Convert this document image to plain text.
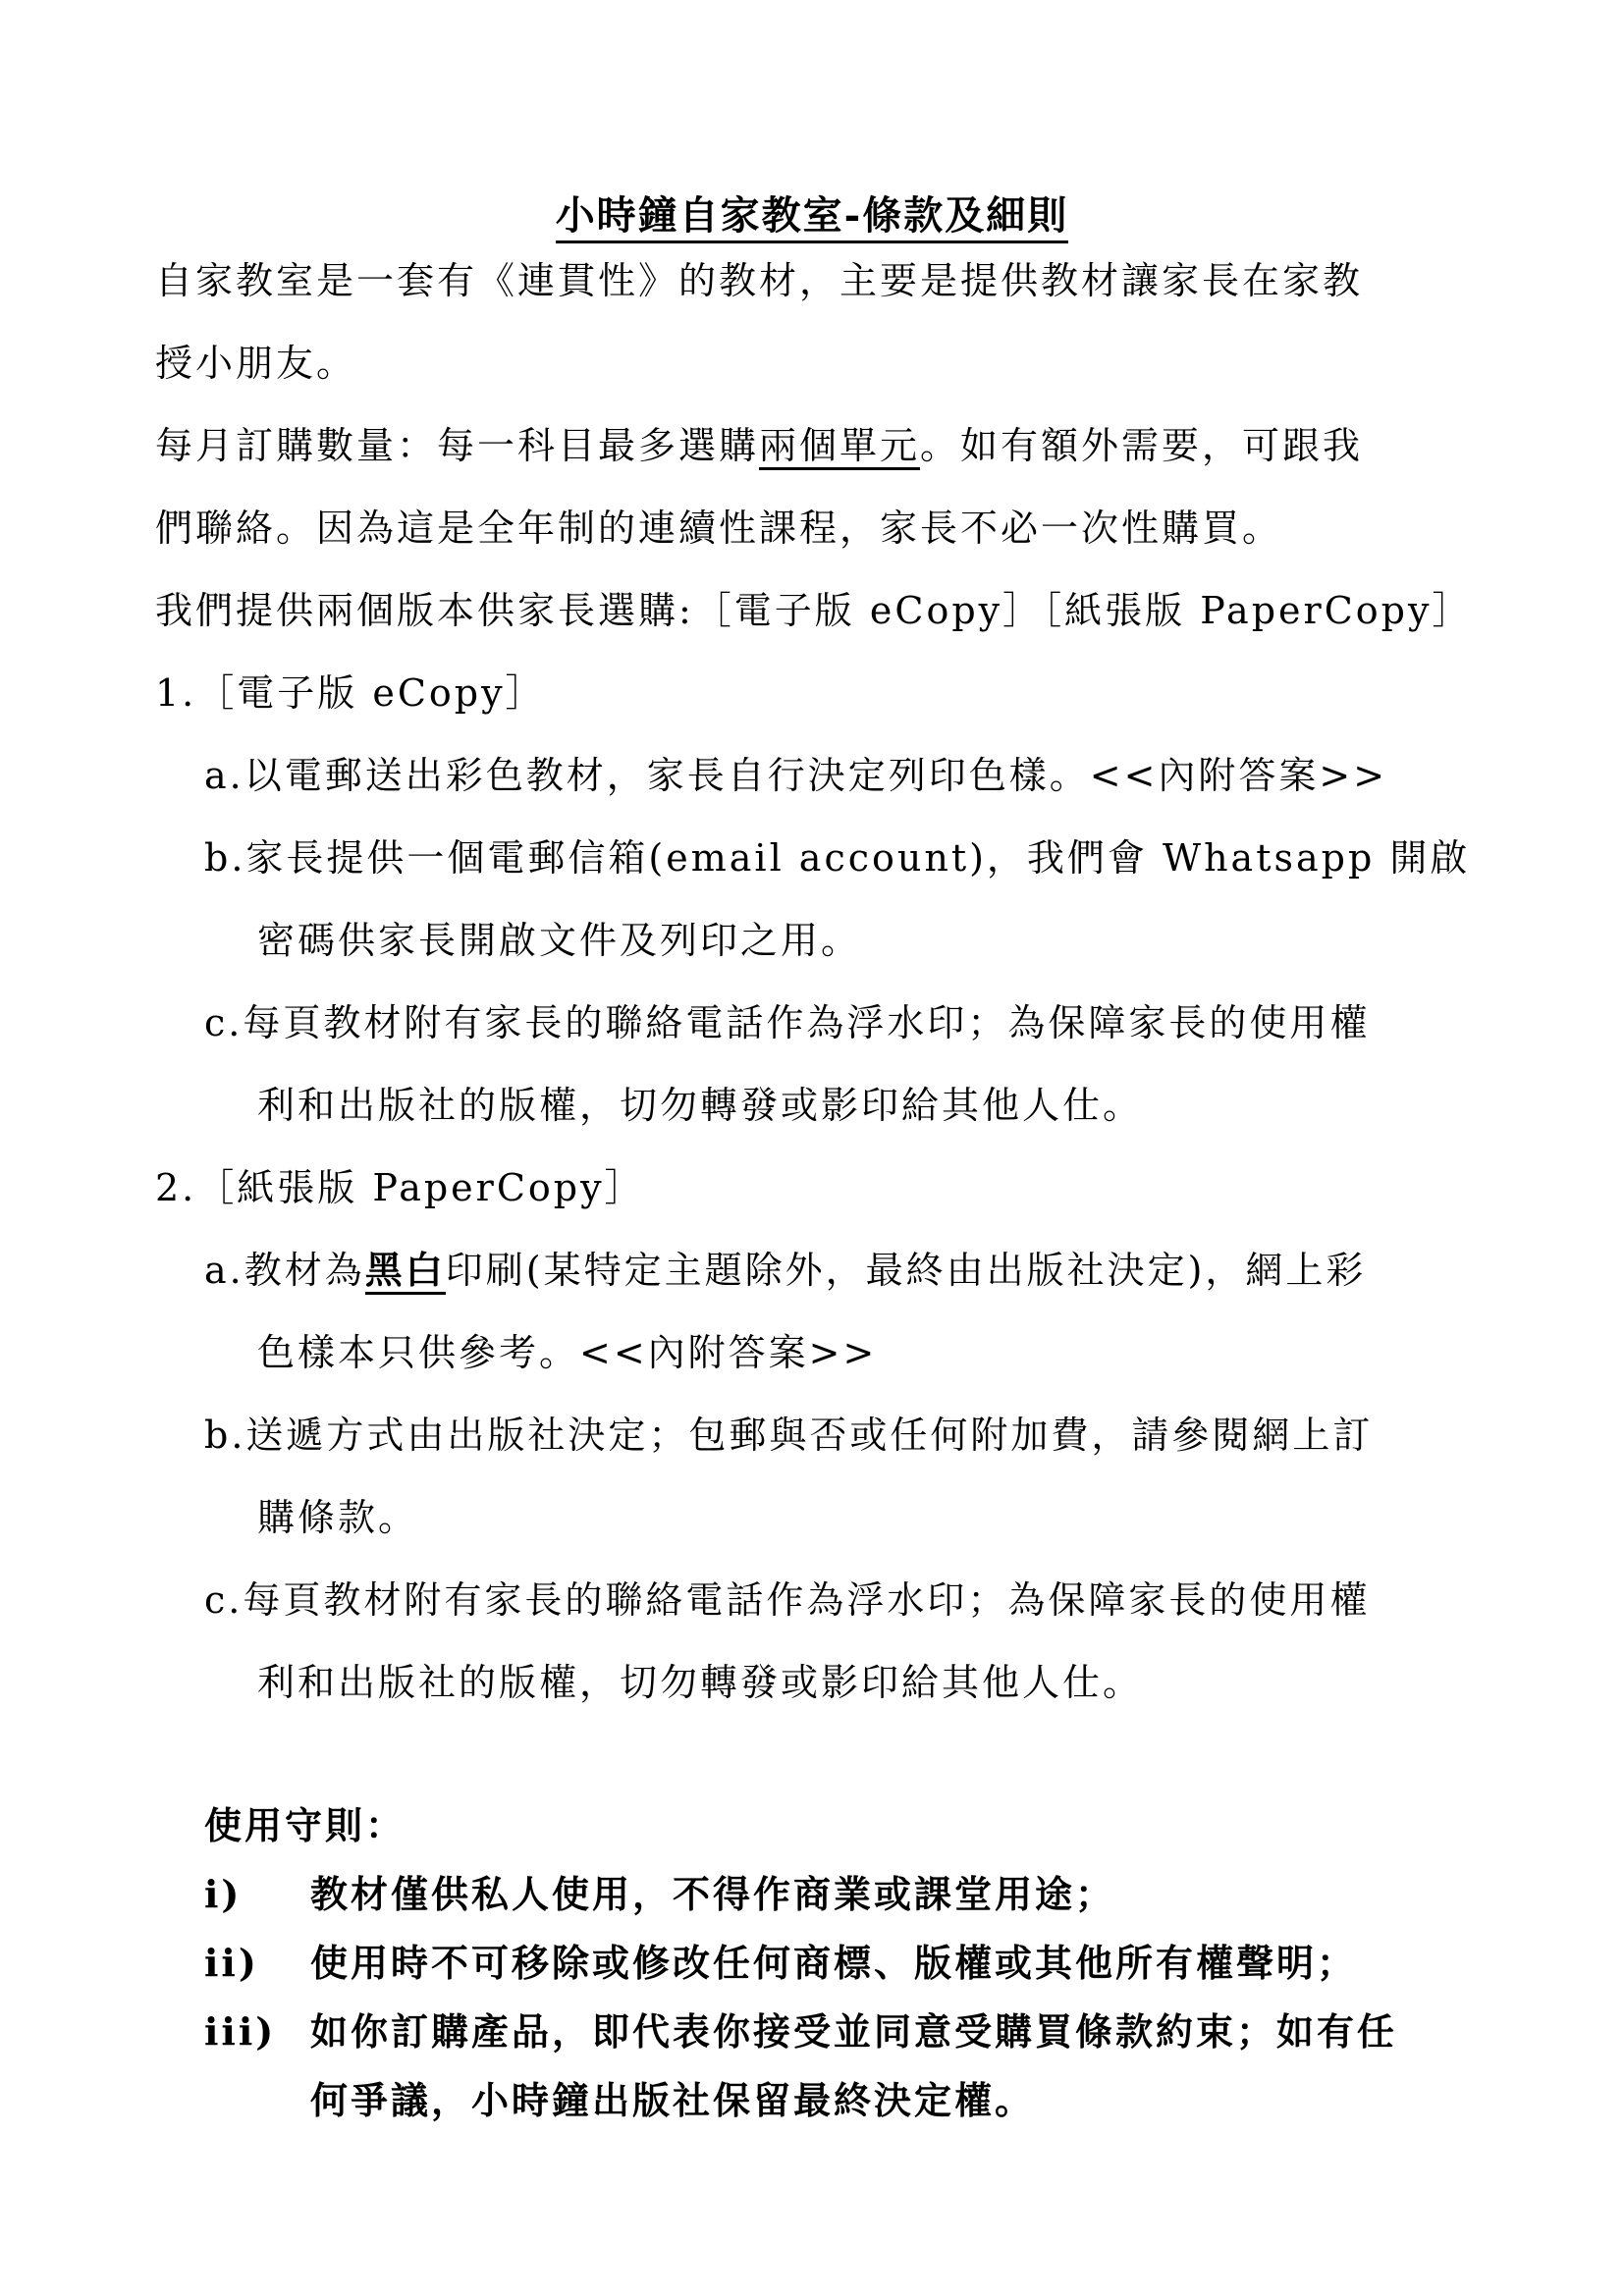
小時鐘自家教室-條款及細則
自家教室是一套有《連貫性》的教材，主要是提供教材讓家長在家教
授小朋友。
每月訂購數量：每一科目最多選購兩個單元。如有額外需要，可跟我
們聯絡。因為這是全年制的連續性課程，家長不必一次性購買。
我們提供兩個版本供家長選購:［電子版 eCopy］［紙張版 PaperCopy］
1.［電子版 eCopy］
a.以電郵送出彩色教材，家長自行決定列印色樣。<<內附答案>>
b.家長提供一個電郵信箱(email account)，我們會 Whatsapp 開啟
密碼供家長開啟文件及列印之用。
c.每頁教材附有家長的聯絡電話作為浮水印；為保障家長的使用權
利和出版社的版權，切勿轉發或影印給其他人仕。
2.［紙張版 PaperCopy］
a.教材為黑白印刷(某特定主題除外，最終由出版社決定)，網上彩
色樣本只供參考。<<內附答案>>
b.送遞方式由出版社決定；包郵與否或任何附加費，請參閱網上訂
購條款。
c.每頁教材附有家長的聯絡電話作為浮水印；為保障家長的使用權
利和出版社的版權，切勿轉發或影印給其他人仕。
使用守則：
i) 教材僅供私人使用，不得作商業或課堂用途；
ii) 使用時不可移除或修改任何商標、版權或其他所有權聲明；
iii) 如你訂購產品，即代表你接受並同意受購買條款約束；如有任
何爭議，小時鐘出版社保留最終決定權。
